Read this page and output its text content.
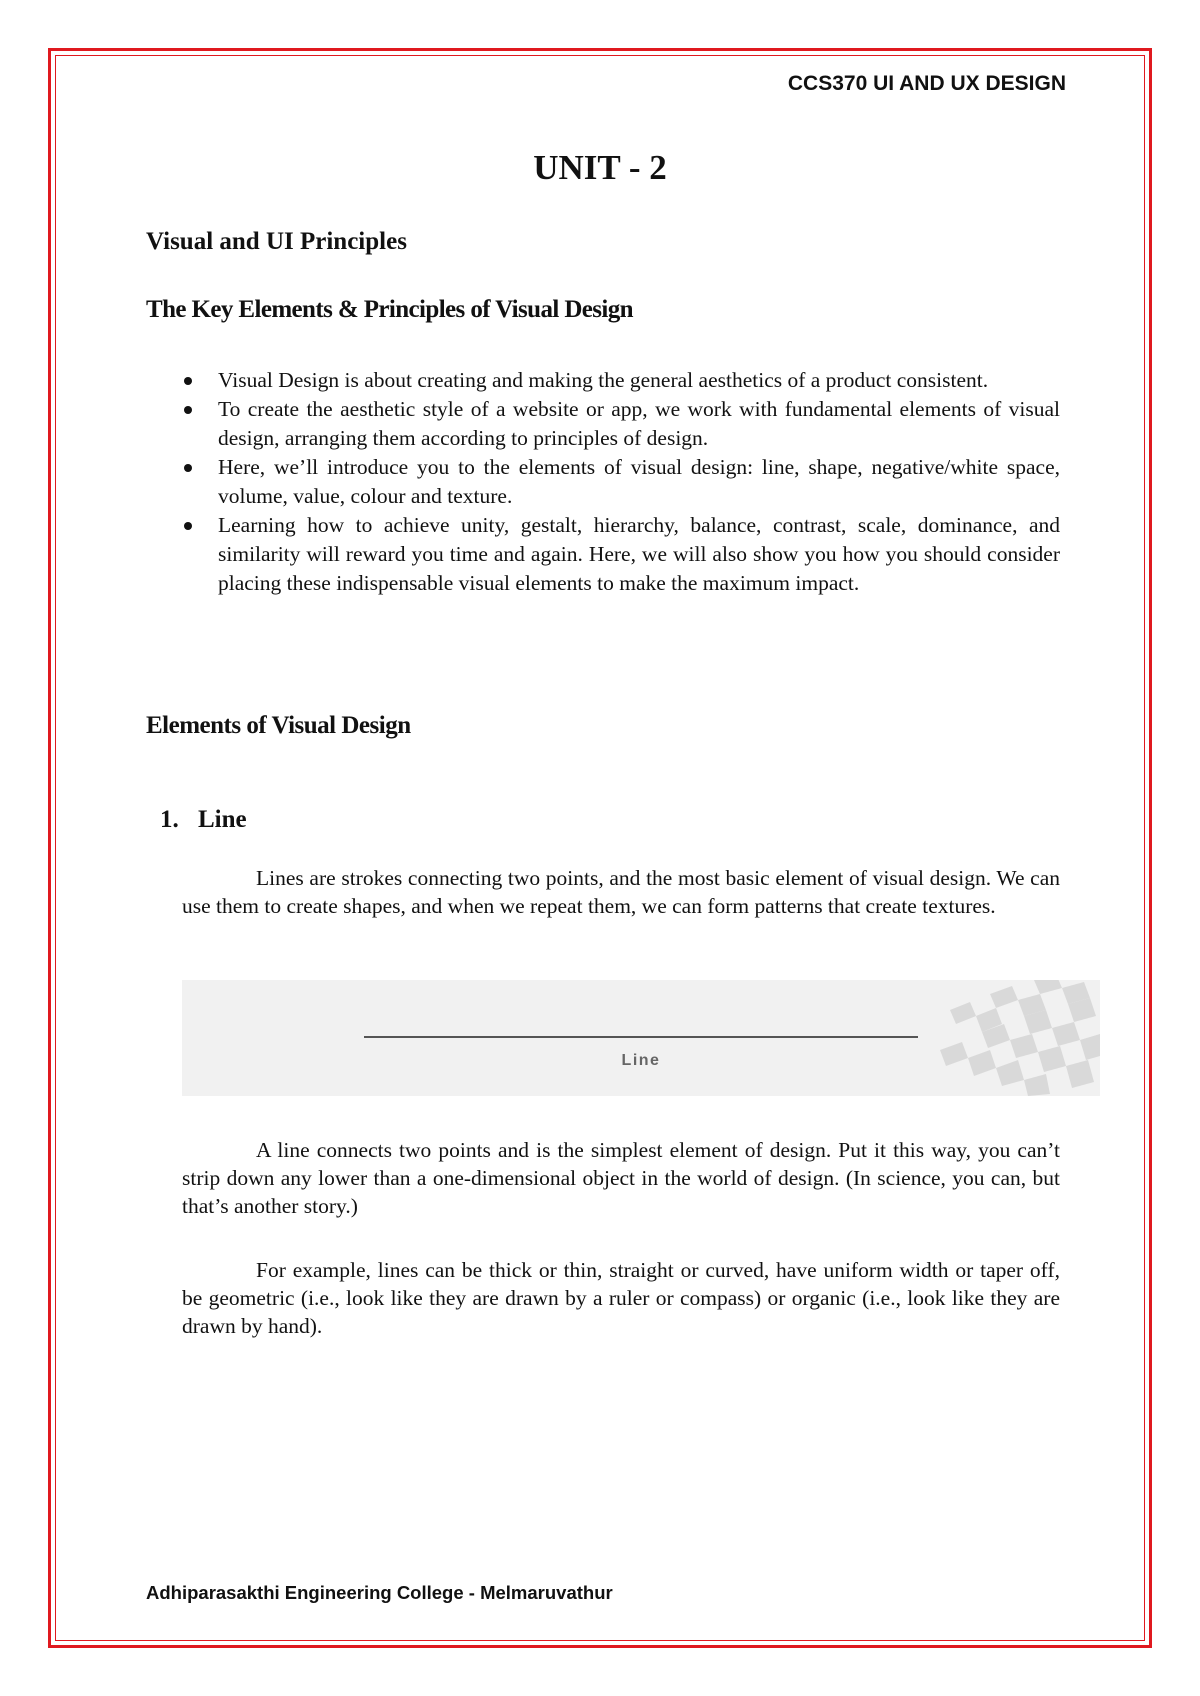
CCS370 UI AND UX DESIGN
UNIT - 2
Visual and UI Principles
The Key Elements & Principles of Visual Design
Visual Design is about creating and making the general aesthetics of a product consistent.
To create the aesthetic style of a website or app, we work with fundamental elements of visual design, arranging them according to principles of design.
Here, we’ll introduce you to the elements of visual design: line, shape, negative/white space, volume, value, colour and texture.
Learning how to achieve unity, gestalt, hierarchy, balance, contrast, scale, dominance, and similarity will reward you time and again. Here, we will also show you how you should consider placing these indispensable visual elements to make the maximum impact.
Elements of Visual Design
1. Line

Lines are strokes connecting two points, and the most basic element of visual design. We can use them to create shapes, and when we repeat them, we can form patterns that create textures.

Line

A line connects two points and is the simplest element of design. Put it this way, you can’t strip down any lower than a one-dimensional object in the world of design. (In science, you can, but that’s another story.)

For example, lines can be thick or thin, straight or curved, have uniform width or taper off, be geometric (i.e., look like they are drawn by a ruler or compass) or organic (i.e., look like they are drawn by hand).

Adhiparasakthi Engineering College - Melmaruvathur
